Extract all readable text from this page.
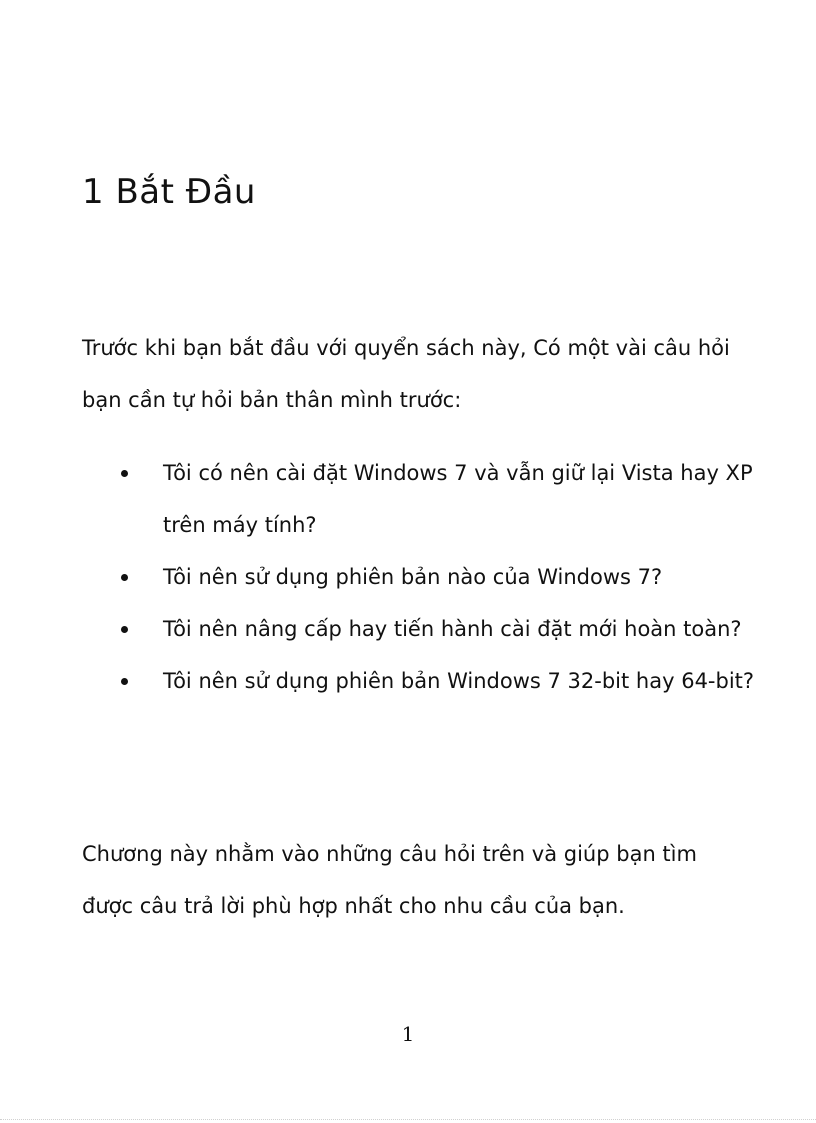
1 Bắt Đầu

Trước khi bạn bắt đầu với quyển sách này, Có một vài câu hỏi bạn cần tự hỏi bản thân mình trước:

Tôi có nên cài đặt Windows 7 và vẫn giữ lại Vista hay XP trên máy tính?
Tôi nên sử dụng phiên bản nào của Windows 7?
Tôi nên nâng cấp hay tiến hành cài đặt mới hoàn toàn?
Tôi nên sử dụng phiên bản Windows 7 32-bit hay 64-bit?

Chương này nhằm vào những câu hỏi trên và giúp bạn tìm được câu trả lời phù hợp nhất cho nhu cầu của bạn.

1
